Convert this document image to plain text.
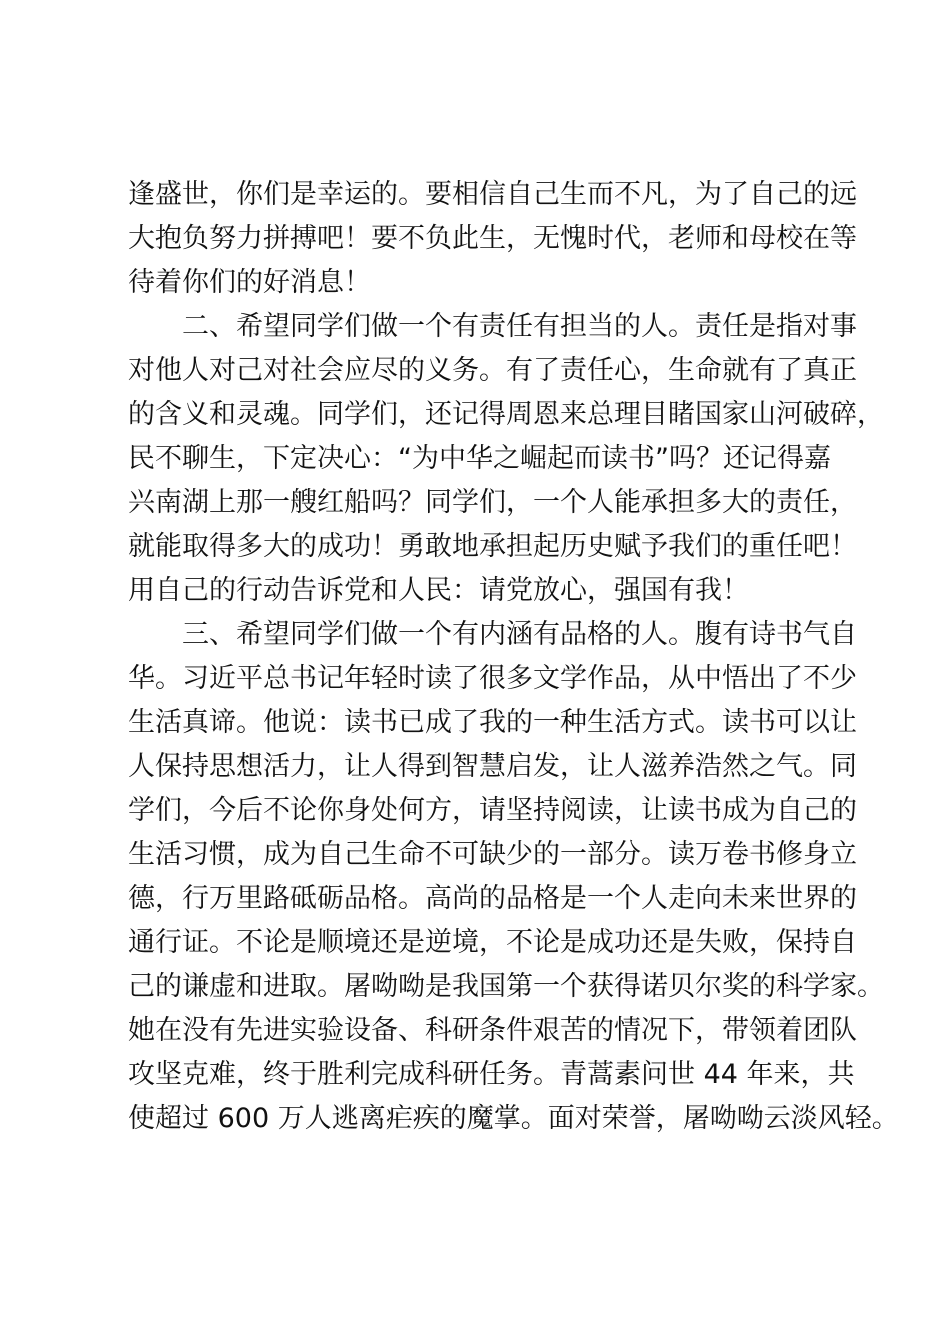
逢盛世，你们是幸运的。要相信自己生而不凡，为了自己的远
大抱负努力拼搏吧！要不负此生，无愧时代，老师和母校在等
待着你们的好消息！
二、希望同学们做一个有责任有担当的人。责任是指对事
对他人对己对社会应尽的义务。有了责任心，生命就有了真正
的含义和灵魂。同学们，还记得周恩来总理目睹国家山河破碎，
民不聊生，下定决心：“为中华之崛起而读书”吗？还记得嘉
兴南湖上那一艘红船吗？同学们，一个人能承担多大的责任，
就能取得多大的成功！勇敢地承担起历史赋予我们的重任吧！
用自己的行动告诉党和人民：请党放心，强国有我！
三、希望同学们做一个有内涵有品格的人。腹有诗书气自
华。习近平总书记年轻时读了很多文学作品，从中悟出了不少
生活真谛。他说：读书已成了我的一种生活方式。读书可以让
人保持思想活力，让人得到智慧启发，让人滋养浩然之气。同
学们，今后不论你身处何方，请坚持阅读，让读书成为自己的
生活习惯，成为自己生命不可缺少的一部分。读万卷书修身立
德，行万里路砥砺品格。高尚的品格是一个人走向未来世界的
通行证。不论是顺境还是逆境，不论是成功还是失败，保持自
己的谦虚和进取。屠呦呦是我国第一个获得诺贝尔奖的科学家。
她在没有先进实验设备、科研条件艰苦的情况下，带领着团队
攻坚克难，终于胜利完成科研任务。青蒿素问世 44 年来，共
使超过 600 万人逃离疟疾的魔掌。面对荣誉，屠呦呦云淡风轻。
